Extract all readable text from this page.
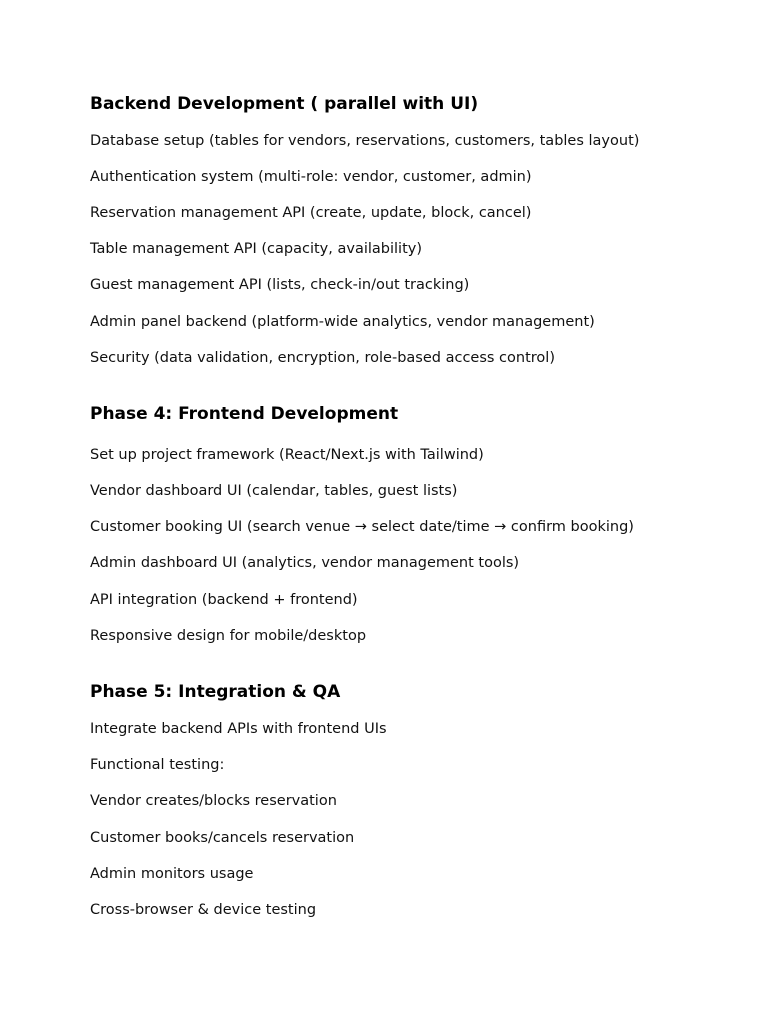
Backend Development ( parallel with UI)

Database setup (tables for vendors, reservations, customers, tables layout)

Authentication system (multi-role: vendor, customer, admin)

Reservation management API (create, update, block, cancel)

Table management API (capacity, availability)

Guest management API (lists, check-in/out tracking)

Admin panel backend (platform-wide analytics, vendor management)

Security (data validation, encryption, role-based access control)

Phase 4: Frontend Development

Set up project framework (React/Next.js with Tailwind)

Vendor dashboard UI (calendar, tables, guest lists)

Customer booking UI (search venue → select date/time → confirm booking)

Admin dashboard UI (analytics, vendor management tools)

API integration (backend + frontend)

Responsive design for mobile/desktop

Phase 5: Integration & QA

Integrate backend APIs with frontend UIs

Functional testing:

Vendor creates/blocks reservation

Customer books/cancels reservation

Admin monitors usage

Cross-browser & device testing
